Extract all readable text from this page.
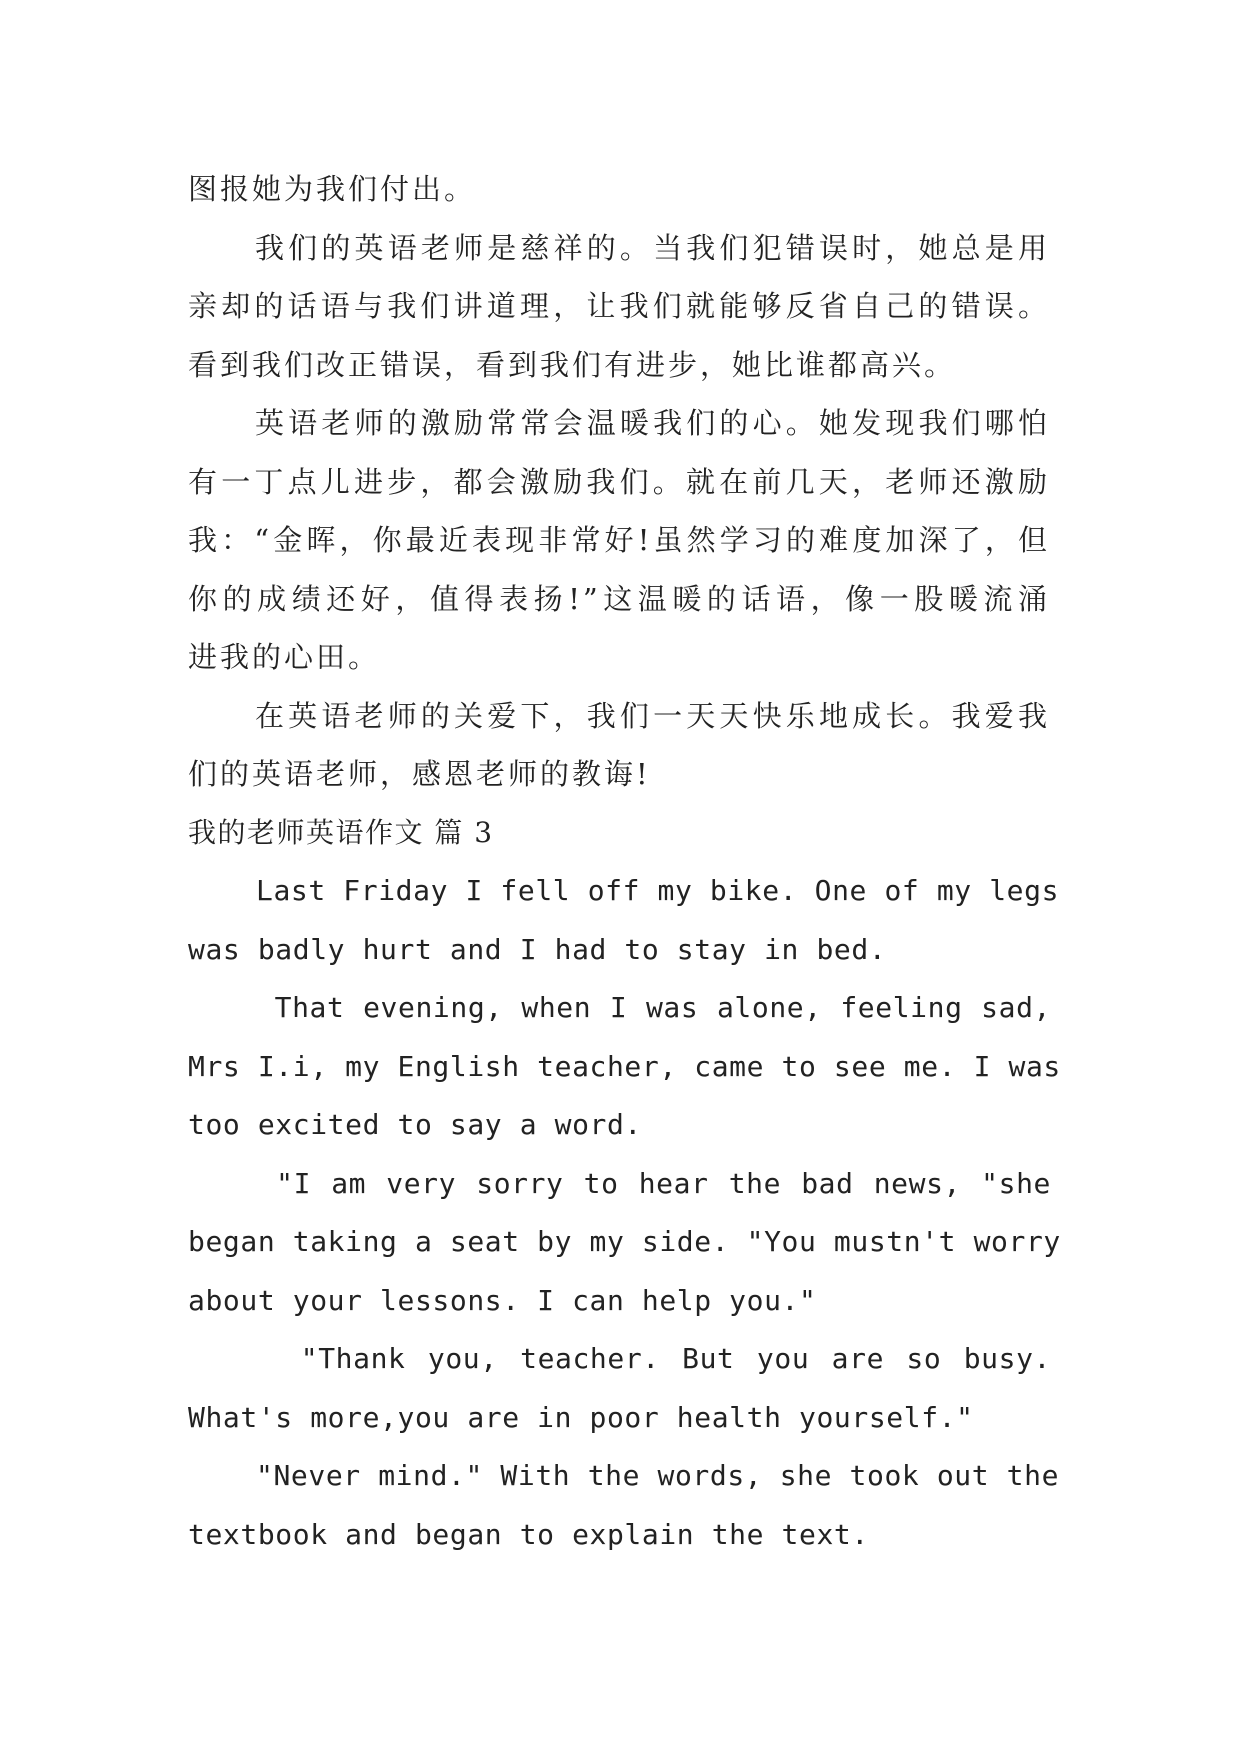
图报她为我们付出。

我们的英语老师是慈祥的。当我们犯错误时，她总是用

亲却的话语与我们讲道理，让我们就能够反省自己的错误。

看到我们改正错误，看到我们有进步，她比谁都高兴。

英语老师的激励常常会温暖我们的心。她发现我们哪怕

有一丁点儿进步，都会激励我们。就在前几天，老师还激励

我：“金晖，你最近表现非常好!虽然学习的难度加深了，但

你的成绩还好，值得表扬!”这温暖的话语，像一股暖流涌

进我的心田。

在英语老师的关爱下，我们一天天快乐地成长。我爱我

们的英语老师，感恩老师的教诲!

我的老师英语作文 篇 3

Last Friday I fell off my bike. One of my legs

was badly hurt and I had to stay in bed.

That evening, when I was alone, feeling sad,

Mrs I.i, my English teacher, came to see me. I was

too excited to say a word.

"I am very sorry to hear the bad news, "she

began taking a seat by my side. "You mustn't worry

about your lessons. I can help you."

"Thank you, teacher. But you are so busy.

What's more,you are in poor health yourself."

"Never mind." With the words, she took out the

textbook and began to explain the text.
